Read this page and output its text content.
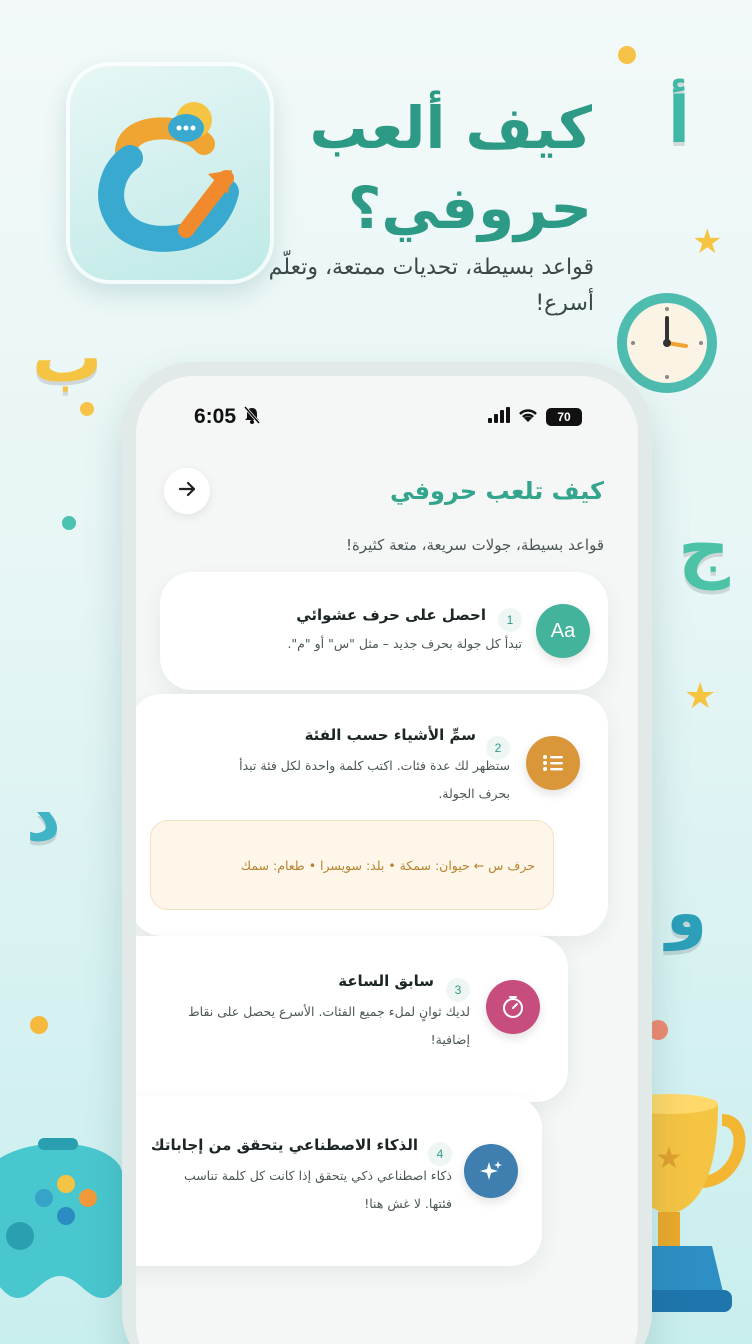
أ
★
ب
ج
★
د
و
★
كيف ألعب حروفي؟
قواعد بسيطة، تحديات ممتعة، وتعلّم أسرع!
6:05	70
كيف تلعب حروفي
قواعد بسيطة، جولات سريعة، متعة كثيرة!
Aa
1
احصل على حرف عشوائي
تبدأ كل جولة بحرف جديد – مثل "س" أو "م".
2
سمِّ الأشياء حسب الفئة
ستظهر لك عدة فئات. اكتب كلمة واحدة لكل فئة تبدأ
بحرف الجولة.
حرف س ← حيوان: سمكة • بلد: سويسرا • طعام: سمك
3
سابق الساعة
لديك ثوانٍ لملء جميع الفئات. الأسرع يحصل على نقاط
إضافية!
4
الذكاء الاصطناعي يتحقق من إجاباتك
ذكاء اصطناعي ذكي يتحقق إذا كانت كل كلمة تناسب
فئتها. لا غش هنا!
